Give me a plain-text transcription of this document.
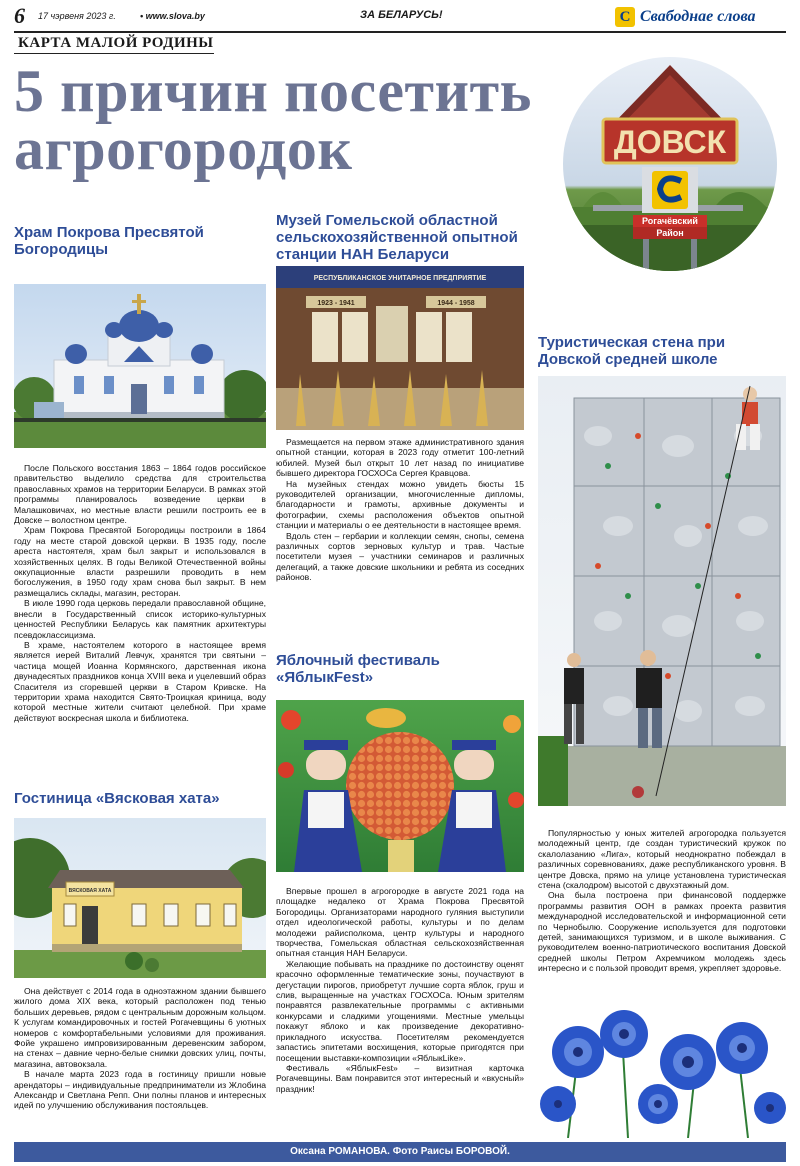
6 17 чэрвеня 2023 г.	• www.slova.by	ЗА БЕЛАРУСЬ!	С Свабоднае слова
КАРТА МАЛОЙ РОДИНЫ
5 причин посетить
агрогородок	ДОВСК
Рогачёвский
Район
Храм Покрова Пресвятой Богородицы

После Польского восстания 1863 – 1864 годов российское правительство выделило средства для строительства православных храмов на территории Беларуси. В рамках этой программы планировалось возведение церкви в Малашковичах, но местные власти решили построить ее в Довске – волостном центре.

Храм Покрова Пресвятой Богородицы построили в 1864 году на месте старой довской церкви. В 1935 году, после ареста настоятеля, храм был закрыт и использовался в хозяйственных целях. В годы Великой Отечественной войны оккупационные власти разрешили проводить в нем богослужения, в 1950 году храм снова был закрыт. В нем размещались склады, магазин, ресторан.

В июле 1990 года церковь передали православной общине, внесли в Государственный список историко-культурных ценностей Республики Беларусь как памятник архитектуры псевдоклассицизма.

В храме, настоятелем которого в настоящее время является иерей Виталий Левчук, хранятся три святыни – частица мощей Иоанна Кормянского, дарственная икона двунадесятых праздников конца XVIII века и уцелевший образ Спасителя из сгоревшей церкви в Старом Кривске. На территории храма находится Свято-Троицкая криница, воду которой местные жители считают целебной. При храме действуют воскресная школа и библиотека.

Гостиница «Вясковая хата»
ВЯСКОВАЯ ХАТА

Она действует с 2014 года в одноэтажном здании бывшего жилого дома XIX века, который расположен под тенью больших деревьев, рядом с центральным дорожным кольцом. К услугам командировочных и гостей Рогачевщины 6 уютных номеров с комфортабельными условиями для проживания. Фойе украшено импровизированным деревенским забором, на стенах – давние черно-белые снимки довских улиц, почты, магазина, автовокзала.

В начале марта 2023 года в гостиницу пришли новые арендаторы – индивидуальные предприниматели из Жлобина Александр и Светлана Репп. Они полны планов и интересных идей по улучшению обслуживания постояльцев.

Музей Гомельской областной сельскохозяйственной опытной станции НАН Беларуси
РЕСПУБЛИКАНСКОЕ УНИТАРНОЕ ПРЕДПРИЯТИЕ
1923 - 1941	1944 - 1958

Размещается на первом этаже административного здания опытной станции, которая в 2023 году отметит 100-летний юбилей. Музей был открыт 10 лет назад по инициативе бывшего директора ГОСХОСа Сергея Кравцова.

На музейных стендах можно увидеть бюсты 15 руководителей организации, многочисленные дипломы, благодарности и грамоты, архивные документы и фотографии, схемы расположения объектов опытной станции и материалы о ее деятельности в настоящее время.

Вдоль стен – гербарии и коллекции семян, снопы, семена различных сортов зерновых культур и трав. Частые посетители музея – участники семинаров и различных делегаций, а также довские школьники и ребята из соседних районов.

Яблочный фестиваль
«ЯблыкFest»

Впервые прошел в агрогородке в августе 2021 года на площадке недалеко от Храма Покрова Пресвятой Богородицы. Организаторами народного гуляния выступили отдел идеологической работы, культуры и по делам молодежи райисполкома, центр культуры и народного творчества, Гомельская областная сельскохозяйственная опытная станция НАН Беларуси.

Желающие побывать на празднике по достоинству оценят красочно оформленные тематические зоны, поучаствуют в дегустации пирогов, приобретут лучшие сорта яблок, груш и слив, выращенные на участках ГОСХОСа. Юным зрителям понравятся развлекательные программы с активными конкурсами и сладкими угощениями. Местные умельцы покажут яблоко и как произведение декоративно-прикладного искусства. Посетителям рекомендуется запастись эпитетами восхищения, которые пригодятся при посещении выставки-композиции «ЯблыкLike».

Фестиваль «ЯблыкFest» – визитная карточка Рогачевщины. Вам понравится этот интересный и «вкусный» праздник!

Туристическая стена при Довской средней школе

Популярностью у юных жителей агрогородка пользуется молодежный центр, где создан туристический кружок по скалолазанию «Лига», который неоднократно побеждал в различных соревнованиях, даже республиканского уровня. В центре Довска, прямо на улице установлена туристическая стена (скалодром) высотой с двухэтажный дом.

Она была построена при финансовой поддержке программы развития ООН в рамках проекта развития международной исследовательской и информационной сети по Чернобылю. Сооружение используется для подготовки детей, занимающихся туризмом, и в школе выживания. С руководителем военно-патриотического воспитания Довской средней школы Петром Ахремчиком молодежь здесь интересно и с пользой проводит время, укрепляет здоровье.

Оксана РОМАНОВА. Фото Раисы БОРОВОЙ.
